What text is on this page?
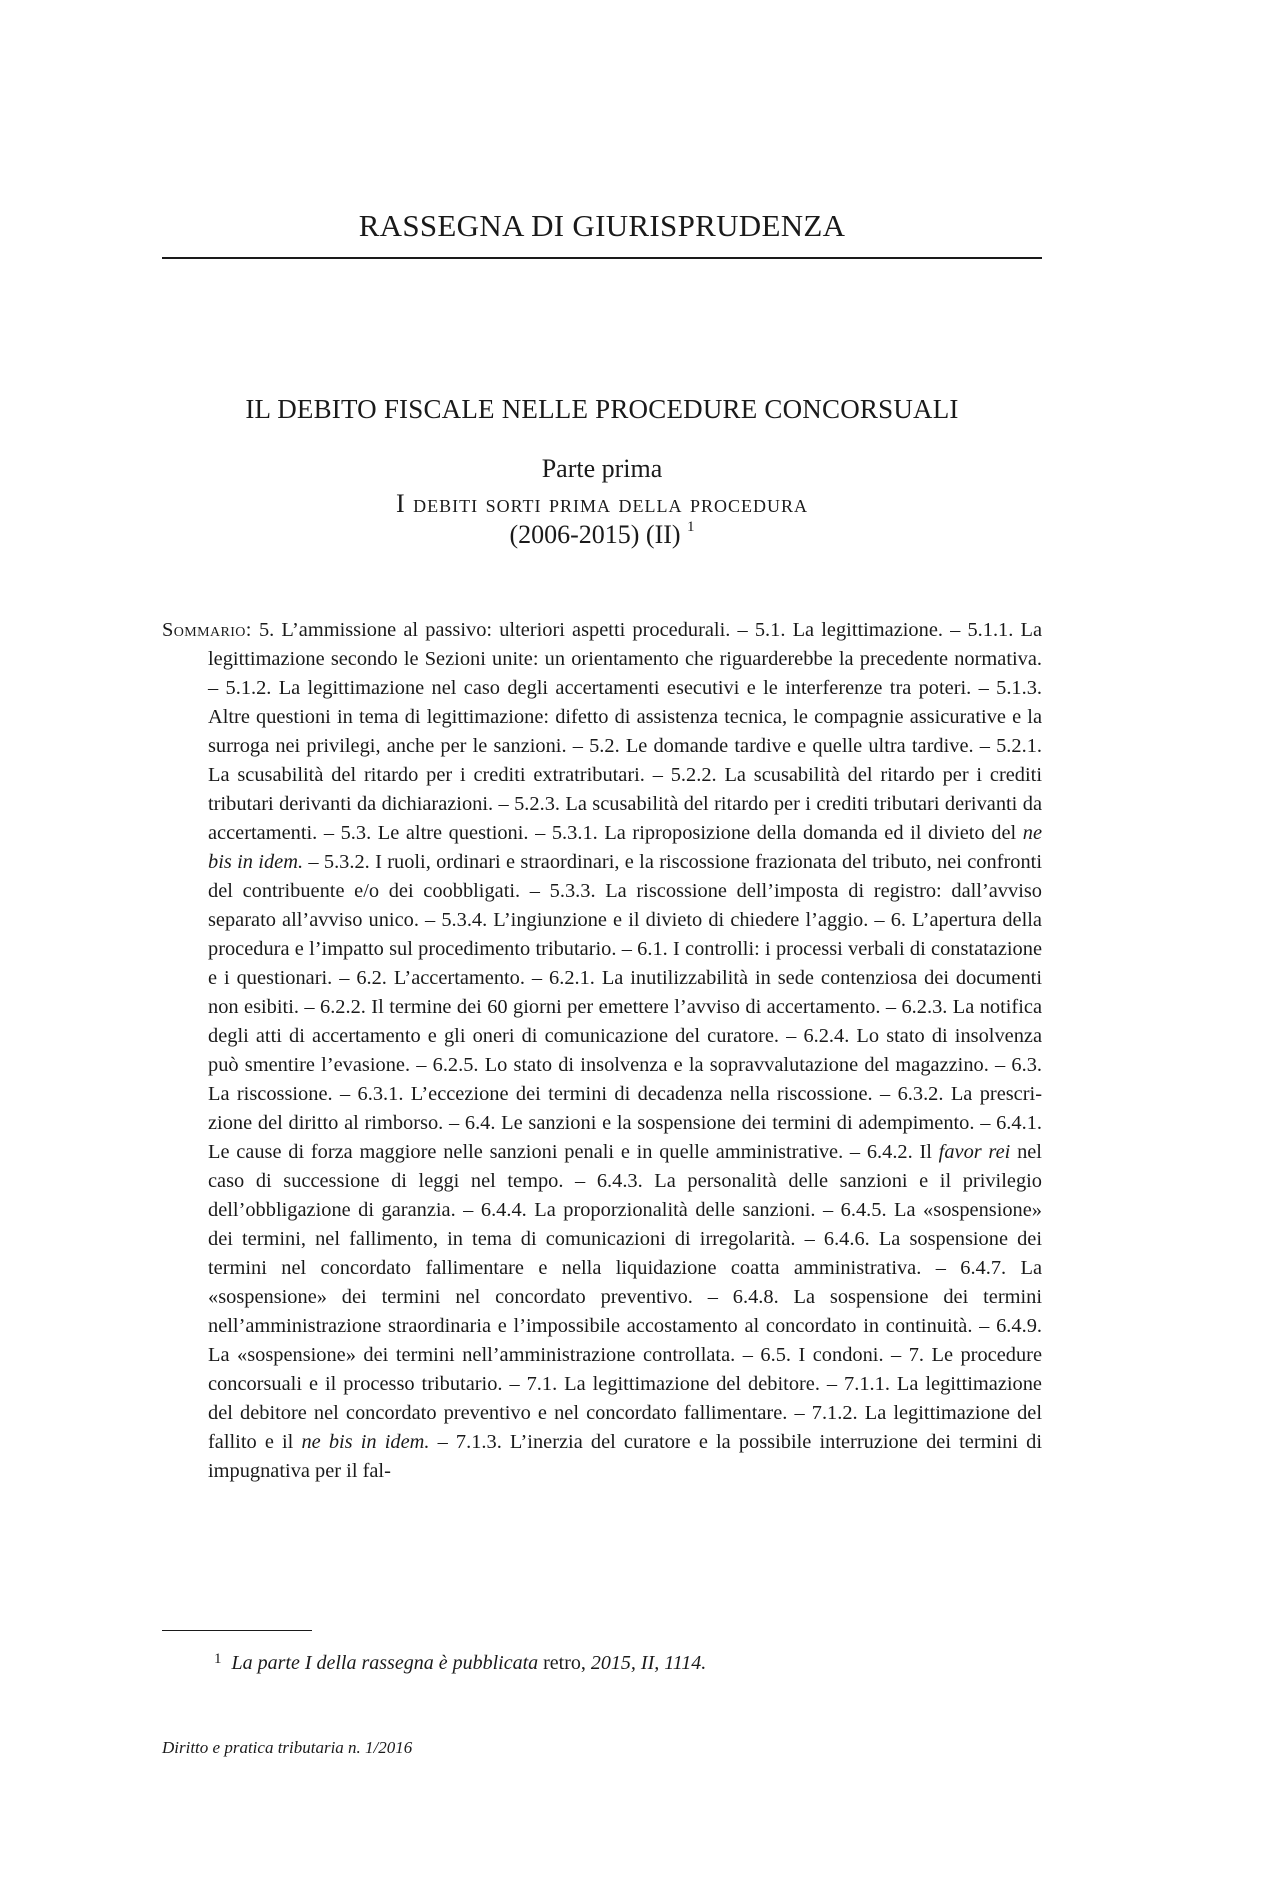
RASSEGNA DI GIURISPRUDENZA
IL DEBITO FISCALE NELLE PROCEDURE CONCORSUALI
Parte prima
I debiti sorti prima della procedura
(2006-2015) (II) $^1$
Sommario: 5. L’ammissione al passivo: ulteriori aspetti procedurali. – 5.1. La legittimazione. – 5.1.1. La legittimazione secondo le Sezioni unite: un orientamento che riguarderebbe la precedente normativa. – 5.1.2. La legittimazione nel caso degli accertamenti esecutivi e le interferenze tra poteri. – 5.1.3. Altre questioni in tema di legittimazione: difetto di assistenza tecnica, le compagnie assicurative e la surroga nei privilegi, anche per le sanzioni. – 5.2. Le domande tardive e quelle ultra tardive. – 5.2.1. La scusabilità del ritardo per i crediti extratributari. – 5.2.2. La scusabilità del ritardo per i crediti tributari derivanti da dichiarazioni. – 5.2.3. La scusabilità del ritardo per i crediti tributari derivanti da accertamenti. – 5.3. Le altre questioni. – 5.3.1. La riproposizione della domanda ed il divieto del ne bis in idem. – 5.3.2. I ruoli, ordinari e straordinari, e la riscossione frazionata del tributo, nei confronti del contribuente e/o dei coobbligati. – 5.3.3. La riscossione dell’imposta di registro: dall’avviso separato all’avviso unico. – 5.3.4. L’ingiunzione e il divieto di chiedere l’aggio. – 6. L’apertura della procedura e l’impatto sul procedimento tributario. – 6.1. I controlli: i processi verbali di constatazione e i questionari. – 6.2. L’accertamento. – 6.2.1. La inutilizzabilità in sede contenziosa dei documenti non esibiti. – 6.2.2. Il termine dei 60 giorni per emettere l’avviso di accertamento. – 6.2.3. La notifica degli atti di accertamento e gli oneri di comunicazione del curatore. – 6.2.4. Lo stato di insolvenza può smentire l’evasione. – 6.2.5. Lo stato di insolvenza e la sopravvalutazione del magazzino. – 6.3. La riscossione. – 6.3.1. L’eccezione dei termini di decadenza nella riscossione. – 6.3.2. La prescrizione del diritto al rimborso. – 6.4. Le sanzioni e la sospensione dei termini di adempimento. – 6.4.1. Le cause di forza maggiore nelle sanzioni penali e in quelle amministrative. – 6.4.2. Il favor rei nel caso di successione di leggi nel tempo. – 6.4.3. La personalità delle sanzioni e il privilegio dell’obbligazione di garanzia. – 6.4.4. La proporzionalità delle sanzioni. – 6.4.5. La «sospensione» dei termini, nel fallimento, in tema di comunicazioni di irregolarità. – 6.4.6. La sospensione dei termini nel concordato fallimentare e nella liquidazione coatta amministrativa. – 6.4.7. La «sospensione» dei termini nel concordato preventivo. – 6.4.8. La sospensione dei termini nell’amministrazione straordinaria e l’impossibile accostamento al concordato in continuità. – 6.4.9. La «sospensione» dei termini nell’amministrazione controllata. – 6.5. I condoni. – 7. Le procedure concorsuali e il processo tributario. – 7.1. La legittimazione del debitore. – 7.1.1. La legittimazione del debitore nel concordato preventivo e nel concordato fallimentare. – 7.1.2. La legittimazione del fallito e il ne bis in idem. – 7.1.3. L’inerzia del curatore e la possibile interruzione dei termini di impugnativa per il fal-
$^1$ La parte I della rassegna è pubblicata retro, 2015, II, 1114.
Diritto e pratica tributaria n. 1/2016
